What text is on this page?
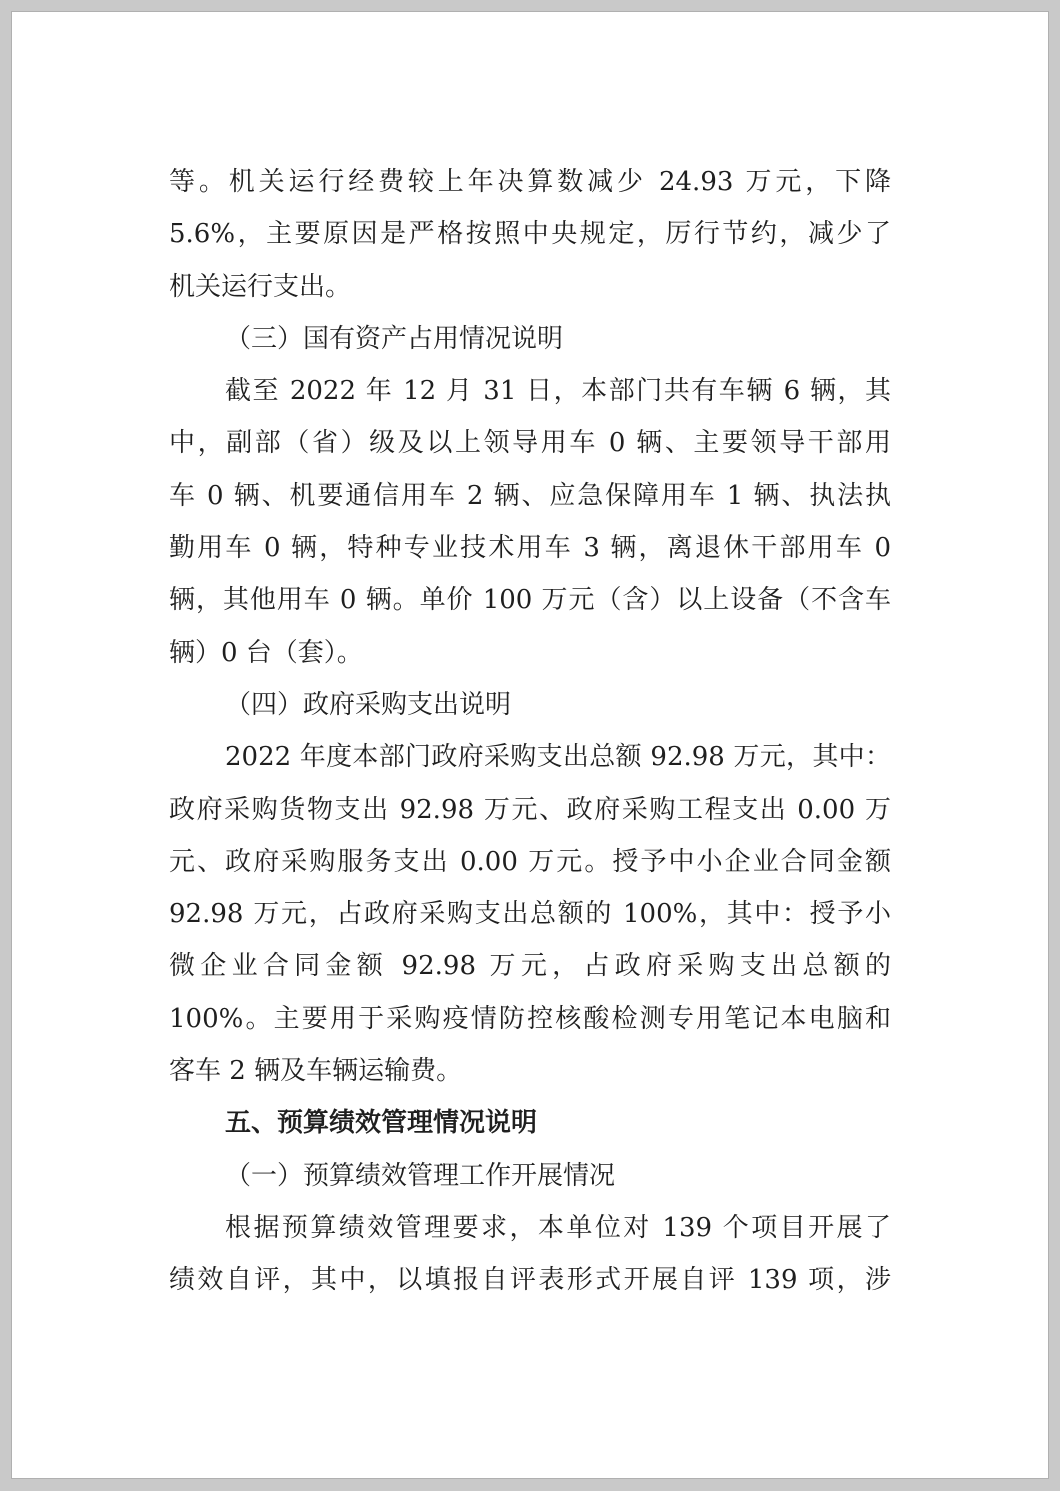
等。机关运行经费较上年决算数减少 24.93 万元，下降
5.6%，主要原因是严格按照中央规定，厉行节约，减少了
机关运行支出。
（三）国有资产占用情况说明
截至 2022 年 12 月 31 日，本部门共有车辆 6 辆，其
中，副部（省）级及以上领导用车 0 辆、主要领导干部用
车 0 辆、机要通信用车 2 辆、应急保障用车 1 辆、执法执
勤用车 0 辆，特种专业技术用车 3 辆，离退休干部用车 0
辆，其他用车 0 辆。单价 100 万元（含）以上设备（不含车
辆）0 台（套）。
（四）政府采购支出说明
2022 年度本部门政府采购支出总额 92.98 万元，其中：
政府采购货物支出 92.98 万元、政府采购工程支出 0.00 万
元、政府采购服务支出 0.00 万元。授予中小企业合同金额
92.98 万元，占政府采购支出总额的 100%，其中：授予小
微企业合同金额 92.98 万元，占政府采购支出总额的
100%。主要用于采购疫情防控核酸检测专用笔记本电脑和
客车 2 辆及车辆运输费。
五、预算绩效管理情况说明
（一）预算绩效管理工作开展情况
根据预算绩效管理要求，本单位对 139 个项目开展了
绩效自评，其中，以填报自评表形式开展自评 139 项，涉
